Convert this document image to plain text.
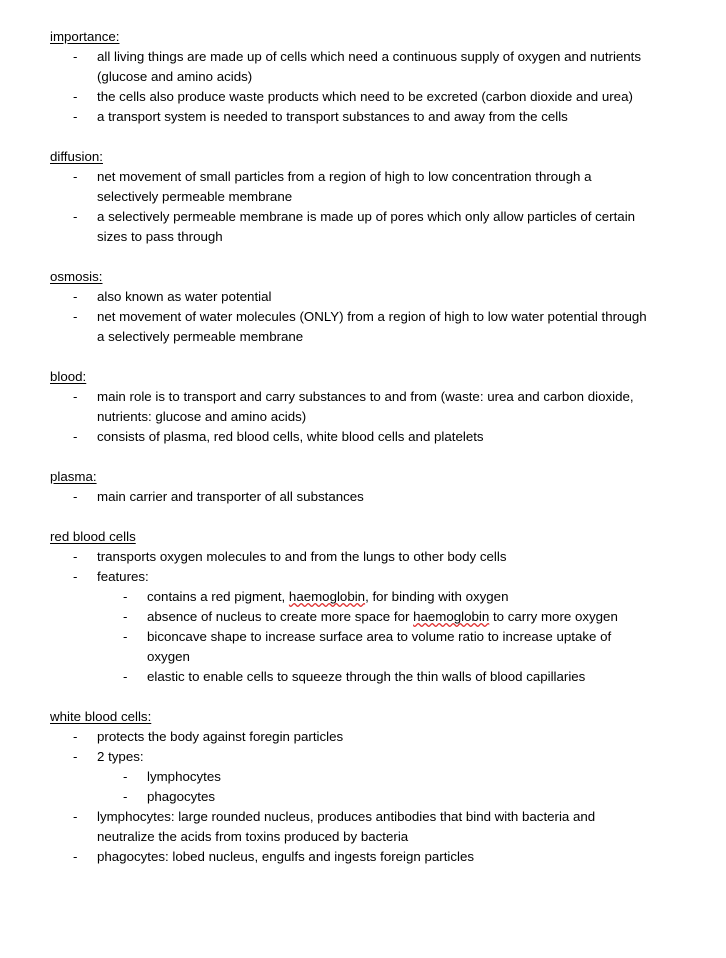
importance:
- all living things are made up of cells which need a continuous supply of oxygen and nutrients (glucose and amino acids)
- the cells also produce waste products which need to be excreted (carbon dioxide and urea)
- a transport system is needed to transport substances to and away from the cells
diffusion:
- net movement of small particles from a region of high to low concentration through a selectively permeable membrane
- a selectively permeable membrane is made up of pores which only allow particles of certain sizes to pass through
osmosis:
- also known as water potential
- net movement of water molecules (ONLY) from a region of high to low water potential through a selectively permeable membrane
blood:
- main role is to transport and carry substances to and from (waste: urea and carbon dioxide, nutrients: glucose and amino acids)
- consists of plasma, red blood cells, white blood cells and platelets
plasma:
- main carrier and transporter of all substances
red blood cells
- transports oxygen molecules to and from the lungs to other body cells
- features:
- contains a red pigment, haemoglobin, for binding with oxygen
- absence of nucleus to create more space for haemoglobin to carry more oxygen
- biconcave shape to increase surface area to volume ratio to increase uptake of oxygen
- elastic to enable cells to squeeze through the thin walls of blood capillaries
white blood cells:
- protects the body against foregin particles
- 2 types:
- lymphocytes
- phagocytes
- lymphocytes: large rounded nucleus, produces antibodies that bind with bacteria and neutralize the acids from toxins produced by bacteria
- phagocytes: lobed nucleus, engulfs and ingests foreign particles
